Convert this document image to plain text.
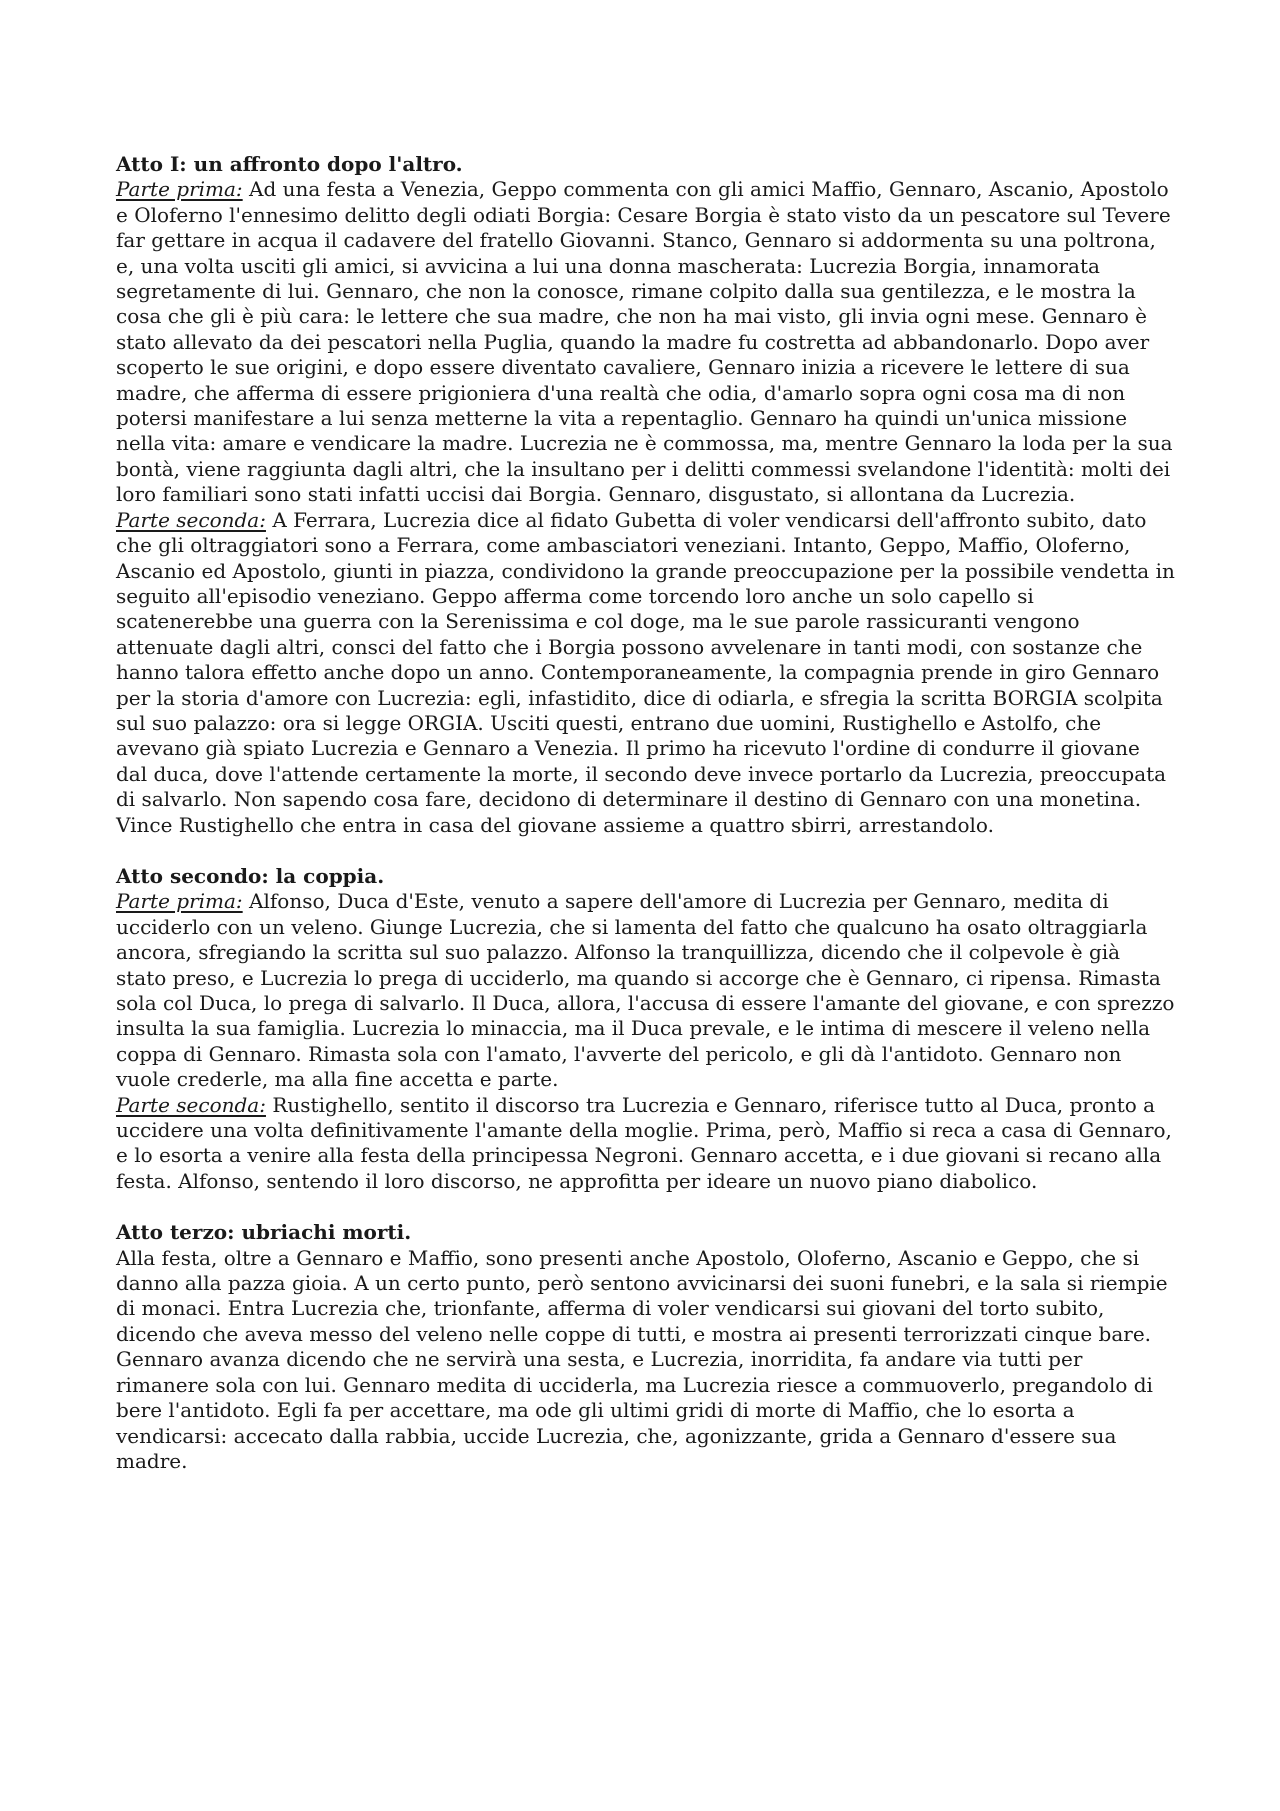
Atto I: un affronto dopo l'altro.

Parte prima: Ad una festa a Venezia, Geppo commenta con gli amici Maffio, Gennaro, Ascanio, Apostolo e Oloferno l'ennesimo delitto degli odiati Borgia: Cesare Borgia è stato visto da un pescatore sul Tevere far gettare in acqua il cadavere del fratello Giovanni. Stanco, Gennaro si addormenta su una poltrona, e, una volta usciti gli amici, si avvicina a lui una donna mascherata: Lucrezia Borgia, innamorata segretamente di lui. Gennaro, che non la conosce, rimane colpito dalla sua gentilezza, e le mostra la cosa che gli è più cara: le lettere che sua madre, che non ha mai visto, gli invia ogni mese. Gennaro è stato allevato da dei pescatori nella Puglia, quando la madre fu costretta ad abbandonarlo. Dopo aver scoperto le sue origini, e dopo essere diventato cavaliere, Gennaro inizia a ricevere le lettere di sua madre, che afferma di essere prigioniera d'una realtà che odia, d'amarlo sopra ogni cosa ma di non potersi manifestare a lui senza metterne la vita a repentaglio. Gennaro ha quindi un'unica missione nella vita: amare e vendicare la madre. Lucrezia ne è commossa, ma, mentre Gennaro la loda per la sua bontà, viene raggiunta dagli altri, che la insultano per i delitti commessi svelandone l'identità: molti dei loro familiari sono stati infatti uccisi dai Borgia. Gennaro, disgustato, si allontana da Lucrezia.

Parte seconda: A Ferrara, Lucrezia dice al fidato Gubetta di voler vendicarsi dell'affronto subito, dato che gli oltraggiatori sono a Ferrara, come ambasciatori veneziani. Intanto, Geppo, Maffio, Oloferno, Ascanio ed Apostolo, giunti in piazza, condividono la grande preoccupazione per la possibile vendetta in seguito all'episodio veneziano. Geppo afferma come torcendo loro anche un solo capello si scatenerebbe una guerra con la Serenissima e col doge, ma le sue parole rassicuranti vengono attenuate dagli altri, consci del fatto che i Borgia possono avvelenare in tanti modi, con sostanze che hanno talora effetto anche dopo un anno. Contemporaneamente, la compagnia prende in giro Gennaro per la storia d'amore con Lucrezia: egli, infastidito, dice di odiarla, e sfregia la scritta BORGIA scolpita sul suo palazzo: ora si legge ORGIA. Usciti questi, entrano due uomini, Rustighello e Astolfo, che avevano già spiato Lucrezia e Gennaro a Venezia. Il primo ha ricevuto l'ordine di condurre il giovane dal duca, dove l'attende certamente la morte, il secondo deve invece portarlo da Lucrezia, preoccupata di salvarlo. Non sapendo cosa fare, decidono di determinare il destino di Gennaro con una monetina. Vince Rustighello che entra in casa del giovane assieme a quattro sbirri, arrestandolo.

Atto secondo: la coppia.

Parte prima: Alfonso, Duca d'Este, venuto a sapere dell'amore di Lucrezia per Gennaro, medita di ucciderlo con un veleno. Giunge Lucrezia, che si lamenta del fatto che qualcuno ha osato oltraggiarla ancora, sfregiando la scritta sul suo palazzo. Alfonso la tranquillizza, dicendo che il colpevole è già stato preso, e Lucrezia lo prega di ucciderlo, ma quando si accorge che è Gennaro, ci ripensa. Rimasta sola col Duca, lo prega di salvarlo. Il Duca, allora, l'accusa di essere l'amante del giovane, e con sprezzo insulta la sua famiglia. Lucrezia lo minaccia, ma il Duca prevale, e le intima di mescere il veleno nella coppa di Gennaro. Rimasta sola con l'amato, l'avverte del pericolo, e gli dà l'antidoto. Gennaro non vuole crederle, ma alla fine accetta e parte.

Parte seconda: Rustighello, sentito il discorso tra Lucrezia e Gennaro, riferisce tutto al Duca, pronto a uccidere una volta definitivamente l'amante della moglie. Prima, però, Maffio si reca a casa di Gennaro, e lo esorta a venire alla festa della principessa Negroni. Gennaro accetta, e i due giovani si recano alla festa. Alfonso, sentendo il loro discorso, ne approfitta per ideare un nuovo piano diabolico.

Atto terzo: ubriachi morti.

Alla festa, oltre a Gennaro e Maffio, sono presenti anche Apostolo, Oloferno, Ascanio e Geppo, che si danno alla pazza gioia. A un certo punto, però sentono avvicinarsi dei suoni funebri, e la sala si riempie di monaci. Entra Lucrezia che, trionfante, afferma di voler vendicarsi sui giovani del torto subito, dicendo che aveva messo del veleno nelle coppe di tutti, e mostra ai presenti terrorizzati cinque bare. Gennaro avanza dicendo che ne servirà una sesta, e Lucrezia, inorridita, fa andare via tutti per rimanere sola con lui. Gennaro medita di ucciderla, ma Lucrezia riesce a commuoverlo, pregandolo di bere l'antidoto. Egli fa per accettare, ma ode gli ultimi gridi di morte di Maffio, che lo esorta a vendicarsi: accecato dalla rabbia, uccide Lucrezia, che, agonizzante, grida a Gennaro d'essere sua madre.
